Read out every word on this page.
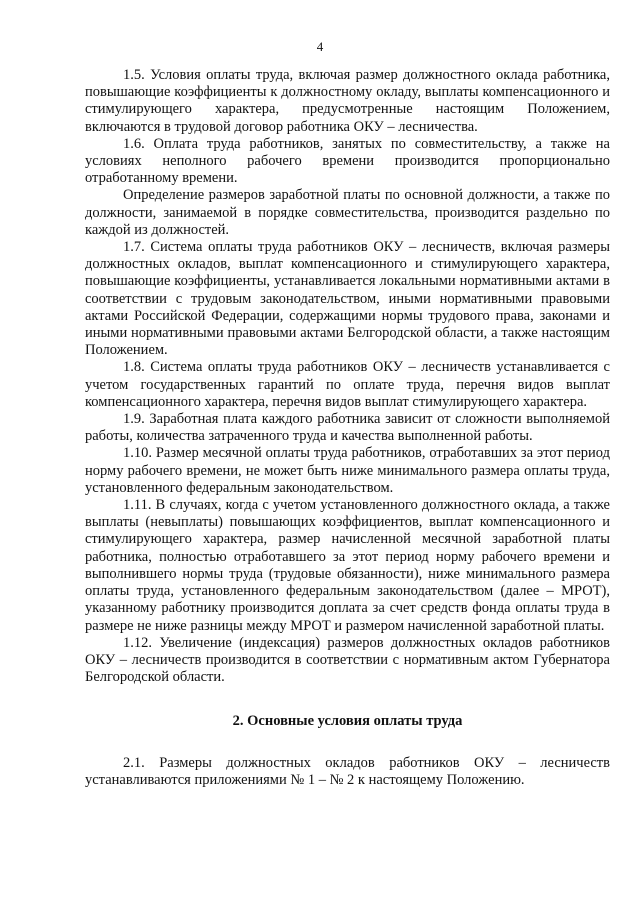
4

1.5. Условия оплаты труда, включая размер должностного оклада работника, повышающие коэффициенты к должностному окладу, выплаты компенсационного и стимулирующего характера, предусмотренные настоящим Положением, включаются в трудовой договор работника ОКУ – лесничества.

1.6. Оплата труда работников, занятых по совместительству, а также на условиях неполного рабочего времени производится пропорционально отработанному времени.

Определение размеров заработной платы по основной должности, а также по должности, занимаемой в порядке совместительства, производится раздельно по каждой из должностей.

1.7. Система оплаты труда работников ОКУ – лесничеств, включая размеры должностных окладов, выплат компенсационного и стимулирующего характера, повышающие коэффициенты, устанавливается локальными нормативными актами в соответствии с трудовым законодательством, иными нормативными правовыми актами Российской Федерации, содержащими нормы трудового права, законами и иными нормативными правовыми актами Белгородской области, а также настоящим Положением.

1.8. Система оплаты труда работников ОКУ – лесничеств устанавливается с учетом государственных гарантий по оплате труда, перечня видов выплат компенсационного характера, перечня видов выплат стимулирующего характера.

1.9. Заработная плата каждого работника зависит от сложности выполняемой работы, количества затраченного труда и качества выполненной работы.

1.10. Размер месячной оплаты труда работников, отработавших за этот период норму рабочего времени, не может быть ниже минимального размера оплаты труда, установленного федеральным законодательством.

1.11. В случаях, когда с учетом установленного должностного оклада, а также выплаты (невыплаты) повышающих коэффициентов, выплат компенсационного и стимулирующего характера, размер начисленной месячной заработной платы работника, полностью отработавшего за этот период норму рабочего времени и выполнившего нормы труда (трудовые обязанности), ниже минимального размера оплаты труда, установленного федеральным законодательством (далее – МРОТ), указанному работнику производится доплата за счет средств фонда оплаты труда в размере не ниже разницы между МРОТ и размером начисленной заработной платы.

1.12. Увеличение (индексация) размеров должностных окладов работников ОКУ – лесничеств производится в соответствии с нормативным актом Губернатора Белгородской области.

2. Основные условия оплаты труда

2.1. Размеры должностных окладов работников ОКУ – лесничеств устанавливаются приложениями № 1 – № 2 к настоящему Положению.
